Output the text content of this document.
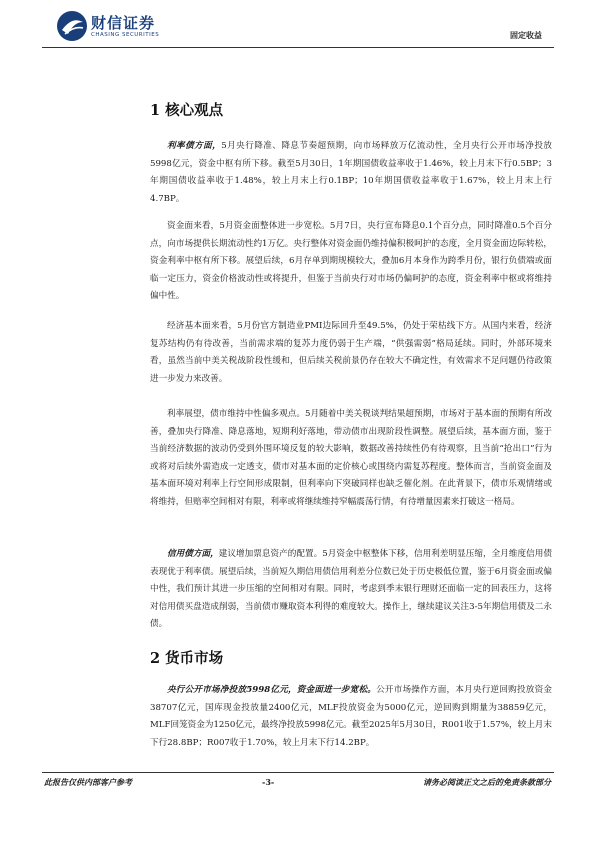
财信证券
CHASING SECURITIES	固定收益
1 核心观点

利率债方面，5月央行降准、降息节奏超预期，向市场释放万亿流动性，全月央行公开市场净投放5998亿元，资金中枢有所下移。截至5月30日，1年期国债收益率收于1.46%，较上月末下行0.5BP；3年期国债收益率收于1.48%，较上月末上行0.1BP；10年期国债收益率收于1.67%，较上月末上行4.7BP。

资金面来看，5月资金面整体进一步宽松。5月7日，央行宣布降息0.1个百分点，同时降准0.5个百分点，向市场提供长期流动性约1万亿。央行整体对资金面仍维持偏积极呵护的态度，全月资金面边际转松，资金利率中枢有所下移。展望后续，6月存单到期规模较大，叠加6月本身作为跨季月份，银行负债端或面临一定压力，资金价格波动性或将提升，但鉴于当前央行对市场仍偏呵护的态度，资金利率中枢或将维持偏中性。

经济基本面来看，5月份官方制造业PMI边际回升至49.5%，仍处于荣枯线下方。从国内来看，经济复苏结构仍有待改善，当前需求端的复苏力度仍弱于生产端，“供强需弱”格局延续。同时，外部环境来看，虽然当前中美关税战阶段性缓和，但后续关税前景仍存在较大不确定性，有效需求不足问题仍待政策进一步发力来改善。

利率展望，债市维持中性偏多观点。5月随着中美关税谈判结果超预期，市场对于基本面的预期有所改善，叠加央行降准、降息落地，短期利好落地，带动债市出现阶段性调整。展望后续，基本面方面，鉴于当前经济数据的波动仍受到外围环境反复的较大影响，数据改善持续性仍有待观察，且当前“抢出口”行为或将对后续外需造成一定透支，债市对基本面的定价核心或围绕内需复苏程度。整体而言，当前资金面及基本面环境对利率上行空间形成限制，但利率向下突破同样也缺乏催化剂。在此背景下，债市乐观情绪或将维持，但赔率空间相对有限，利率或将继续维持窄幅震荡行情，有待增量因素来打破这一格局。

信用债方面，建议增加票息资产的配置。5月资金中枢整体下移，信用利差明显压缩，全月维度信用债表现优于利率债。展望后续，当前短久期信用债信用利差分位数已处于历史极低位置，鉴于6月资金面或偏中性，我们预计其进一步压缩的空间相对有限。同时，考虑到季末银行理财还面临一定的回表压力，这将对信用债买盘造成削弱，当前债市赚取资本利得的难度较大。操作上，继续建议关注3-5年期信用债及二永债。

2 货币市场

央行公开市场净投放5998亿元，资金面进一步宽松。公开市场操作方面，本月央行逆回购投放资金38707亿元，国库现金投放量2400亿元，MLF投放资金为5000亿元，逆回购到期量为38859亿元，MLF回笼资金为1250亿元，最终净投放5998亿元。截至2025年5月30日，R001收于1.57%，较上月末下行28.8BP；R007收于1.70%，较上月末下行14.2BP。

此报告仅供内部客户参考	-3-	请务必阅读正文之后的免责条款部分
